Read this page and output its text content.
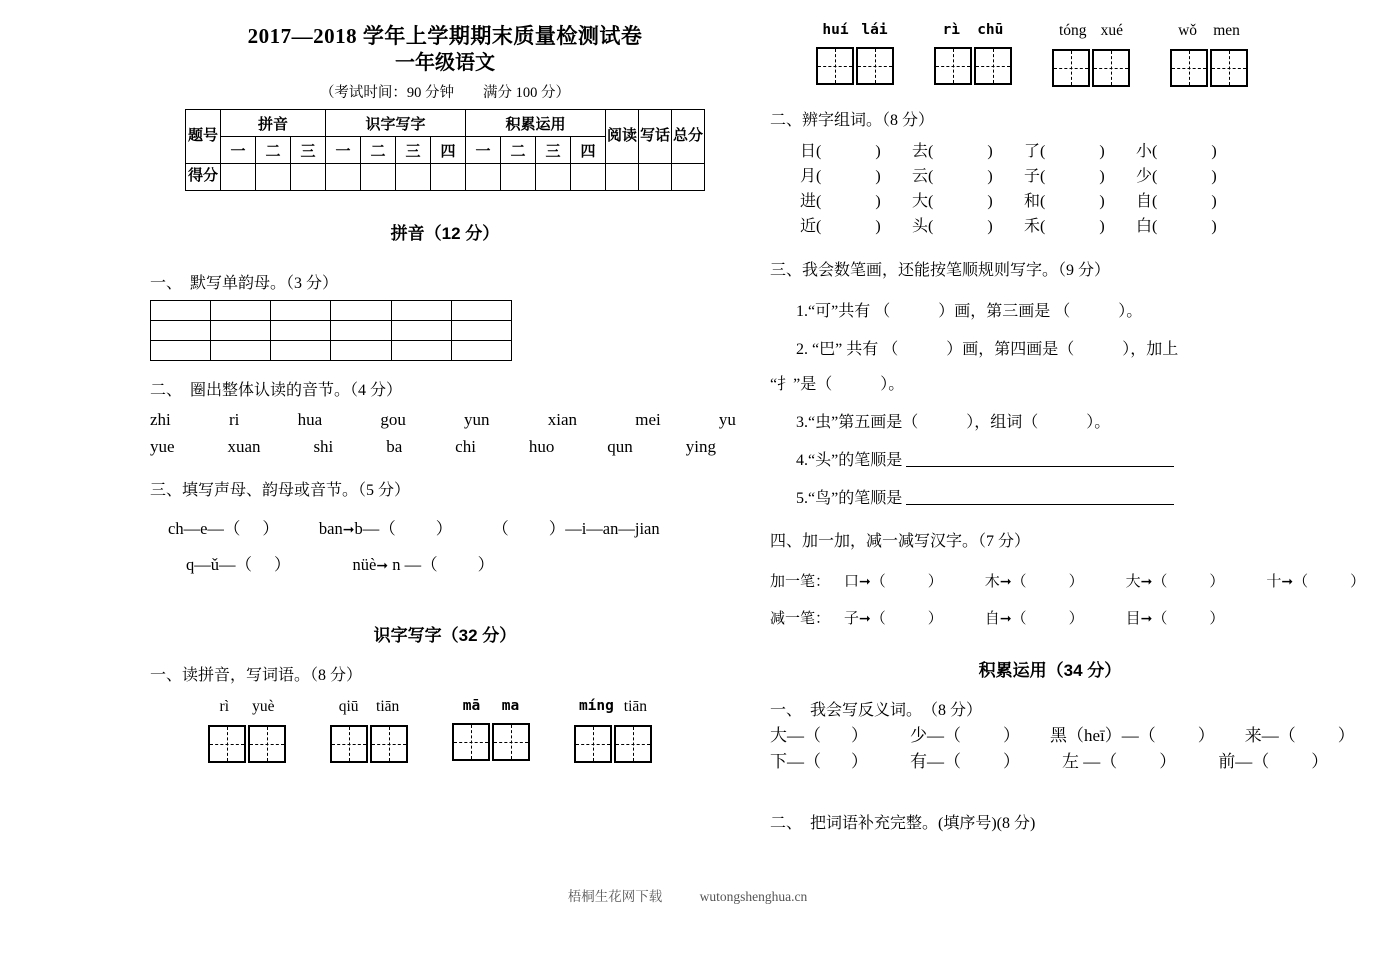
2017—2018 学年上学期期末质量检测试卷
一年级语文
（考试时间：90 分钟　　满分 100 分）
题号	拼音			识字写字				积累运用				阅读	写话	总分
	一	二	三	一	二	三	四	一	二	三	四			
得分														
拼音（12 分）
一、　默写单韵母。（3 分）

二、　圈出整体认读的音节。（4 分）
zhi	ri	hua	gou	yun	xian	mei	yu
yue	xuan	shi	ba	chi	huo	qun	ying
三、填写声母、韵母或音节。（5 分）
ch—e—（ ） ban➞b—（ ） （ ）—i—an—jian
q—ǔ—（ ）	nüè➞ n —（ ）
识字写字（32 分）
一、读拼音，写词语。（8 分）
rì yuè	qiū tiān	mā ma	míng tiān
huí lái	rì chū	tóng xué	wǒ men
二、辨字组词。（8 分）
日( )	去( )	了( )	小( )
月( )	云( )	子( )	少( )
进( )	大( )	和( )	自( )
近( )	头( )	禾( )	白( )
三、我会数笔画，还能按笔顺规则写字。（9 分）
1.“可”共有 （　　　）画，第三画是 （　　　）。
2. “巴” 共有 （　　　）画，第四画是（　　　），加上
“扌”是（　　　）。
3.“虫”第五画是（　　　），组词（　　　）。
4.“头”的笔顺是
5.“鸟”的笔顺是
四、加一加，减一减写汉字。（7 分）
加一笔： 口➞（	）	木➞（	）	大➞（	）	十➞（	）
减一笔： 子➞（	）	自➞（	）	目➞（	）
积累运用（34 分）
一、　我会写反义词。　（8 分）
大—（ ） 少—（ ） 黑（heī）—（ ） 来—（ ）
下—（ ） 有—（ ） 左 —（ ） 前—（ ）
二、　把词语补充完整。(填序号)(8 分)
梧桐生花网下载	wutongshenghua.cn
